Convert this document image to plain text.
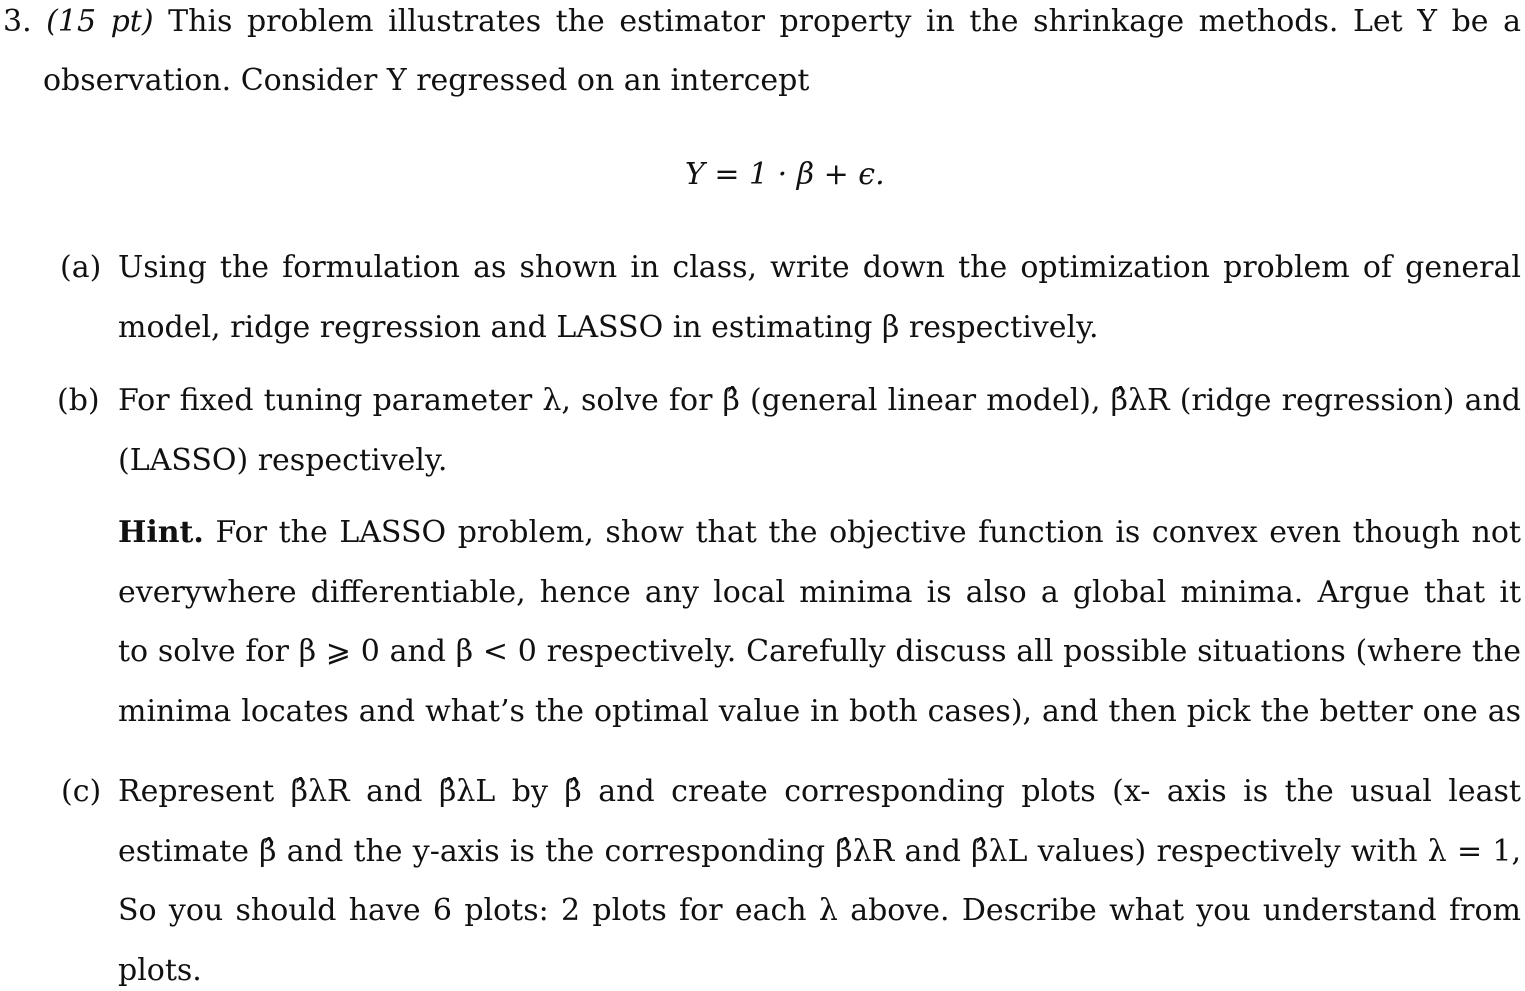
3. (15 pt) This problem illustrates the estimator property in the shrinkage methods. Let Y be a
observation. Consider Y regressed on an intercept
Y = 1 · β + ϵ.
(a) Using the formulation as shown in class, write down the optimization problem of general
model, ridge regression and LASSO in estimating β respectively.
(b) For fixed tuning parameter λ, solve for β̂ (general linear model), β̂λR (ridge regression) and
(LASSO) respectively.
Hint. For the LASSO problem, show that the objective function is convex even though not
everywhere differentiable, hence any local minima is also a global minima. Argue that it
to solve for β ⩾ 0 and β < 0 respectively. Carefully discuss all possible situations (where the
minima locates and what’s the optimal value in both cases), and then pick the better one as
(c) Represent β̂λR and β̂λL by β̂ and create corresponding plots (x- axis is the usual least
estimate β̂ and the y-axis is the corresponding β̂λR and β̂λL values) respectively with λ = 1,
So you should have 6 plots: 2 plots for each λ above. Describe what you understand from
plots.
